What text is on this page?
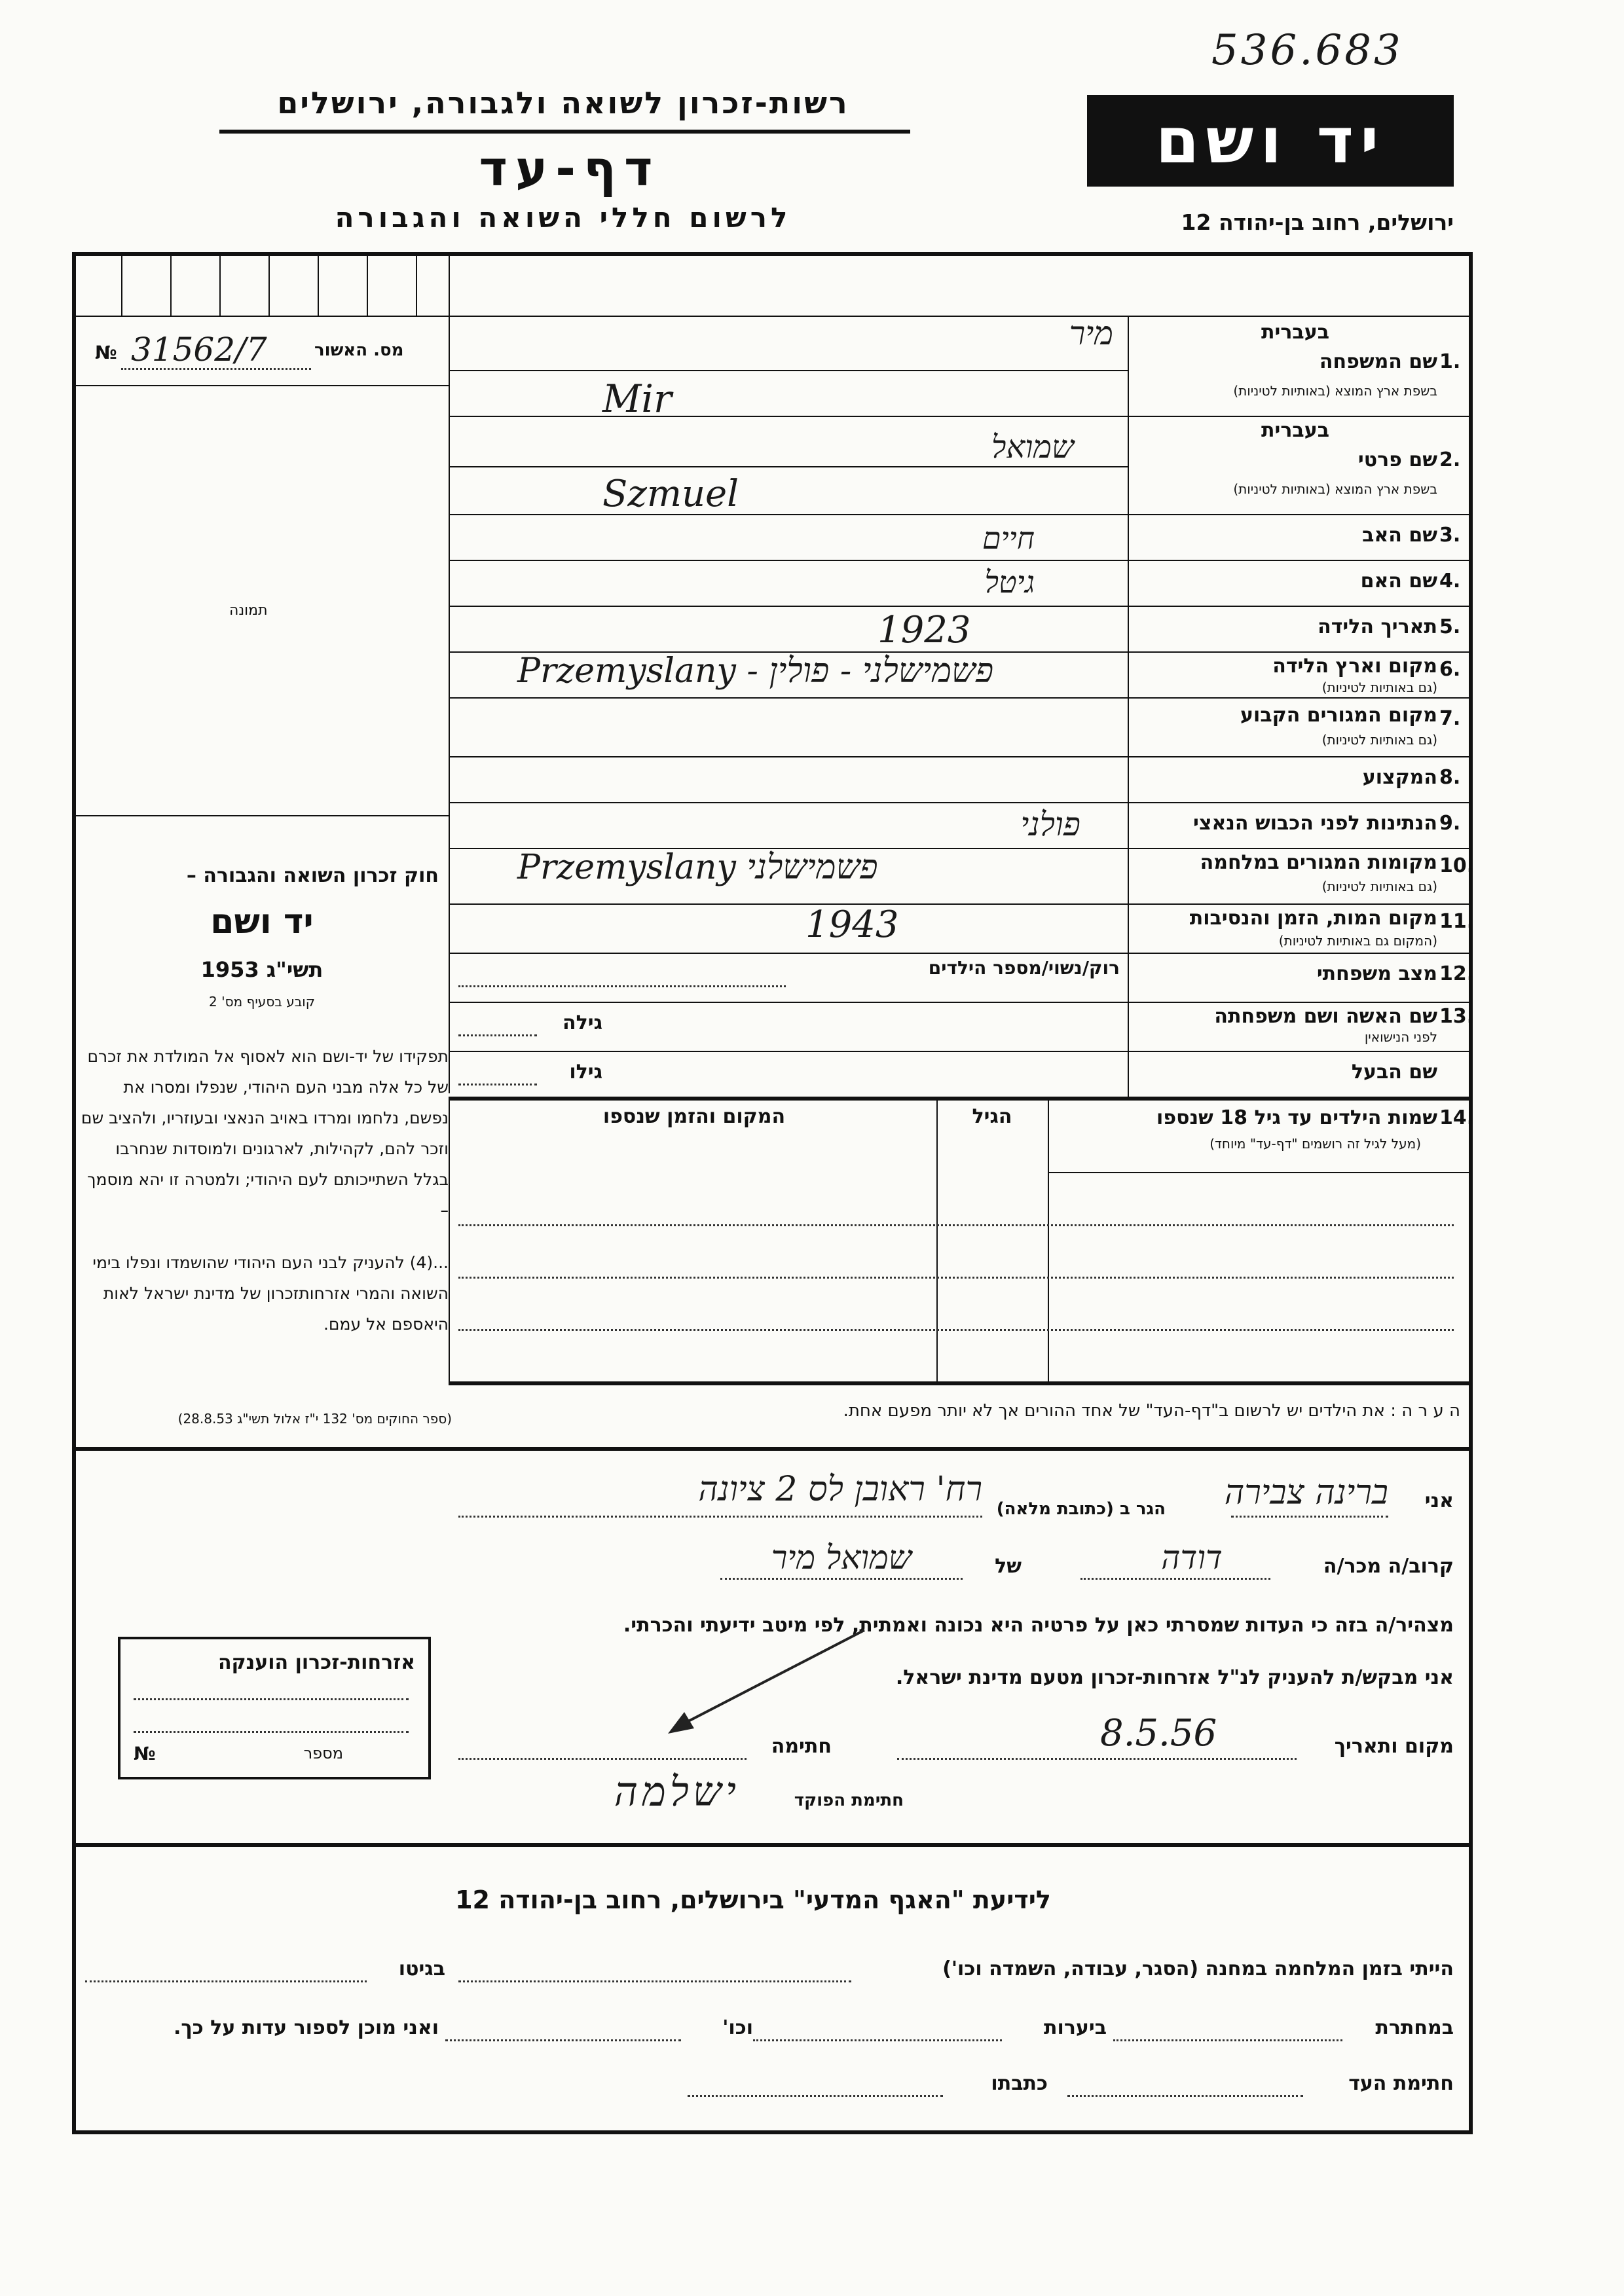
536.683
רשות-זכרון לשואה ולגבורה, ירושלים
דף-עד
לרשום חללי השואה והגבורה
יד ושם
ירושלים, רחוב בן-יהודה 12
מס. האשור
31562/7
№
תמונה
בעברית
שם המשפחה 1.
בשפת ארץ המוצא (באותיות לטיניות)
בעברית
שם פרטי 2.
בשפת ארץ המוצא (באותיות לטיניות)
שם האב 3.
שם האם 4.
תאריך הלידה 5.
מקום וארץ הלידה 6.
(גם באותיות לטיניות)
מקום המגורים הקבוע 7.
(גם באותיות לטיניות)
המקצוע 8.
הנתינות לפני הכבוש הנאצי 9.
מקומות המגורים במלחמה 10.
(גם באותיות לטיניות)
מקום המות, הזמן והנסיבות 11.
(המקום גם באותיות לטיניות)
מצב משפחתי 12.
שם האשה ושם משפחתה 13.
לפני הנישואין
שם הבעל
מיר
Mir
שמואל
Szmuel
חיים
גיטל
1923
Przemyslany - פשמישלני - פולין
פולני
Przemyslany פשמישלני
1943
רוק/נשוי/מספר הילדים
גילה
גילו
חוק זכרון השואה והגבורה –
יד ושם
תשי"ג 1953
קובע בסעיף מס' 2
תפקידו של יד-ושם הוא לאסוף אל המולדת את זכרם של כל אלה מבני העם היהודי, שנפלו ומסרו את נפשם, נלחמו ומרדו באויב הנאצי ובעוזריו, ולהציב שם וזכר להם, לקהילות, לארגונים ולמוסדות שנחרבו בגלל השתייכותם לעם היהודי; ולמטרה זו יהא מוסמך –
...(4) להעניק לבני העם היהודי שהושמדו ונפלו בימי השואה והמרי אזרחותזכרון של מדינת ישראל לאות היאספם אל עמם.
(ספר החוקים מס' 132 י"ז אלול תשי"ג 28.8.53)
שמות הילדים עד גיל 18 שנספו 14.
(מעל לגיל זה רושמים "דף-עד" מיוחד)
הגיל
המקום והזמן שנספו
ה ע ר ה : את הילדים יש לרשום ב"דף-העד" של אחד ההורים אך לא יותר מפעם אחת.
אני
ברינה צבירה
הגר ב (כתובת מלאה)
רח' ראובן לס 2 ציונה
קרוב/ה מכר/ה
דודה
של
שמואל מיר
מצהיר/ה בזה כי העדות שמסרתי כאן על פרטיה היא נכונה ואמתית, לפי מיטב ידיעתי והכרתי.
אני מבקש/ת להעניק לנ"ל אזרחות-זכרון מטעם מדינת ישראל.
מקום ותאריך
8.5.56
חתימה
חתימת הפוקד
ישלמה
אזרחות-זכרון הוענקה
מספר
№
לידיעת "האגף המדעי" בירושלים, רחוב בן-יהודה 12
הייתי בזמן המלחמה במחנה (הסגר, עבודה, השמדה וכו')
בגיטו
במחתרת
ביערות
וכו'
ואני מוכן לספור עדות על כך.
חתימת העד
כתבתו
